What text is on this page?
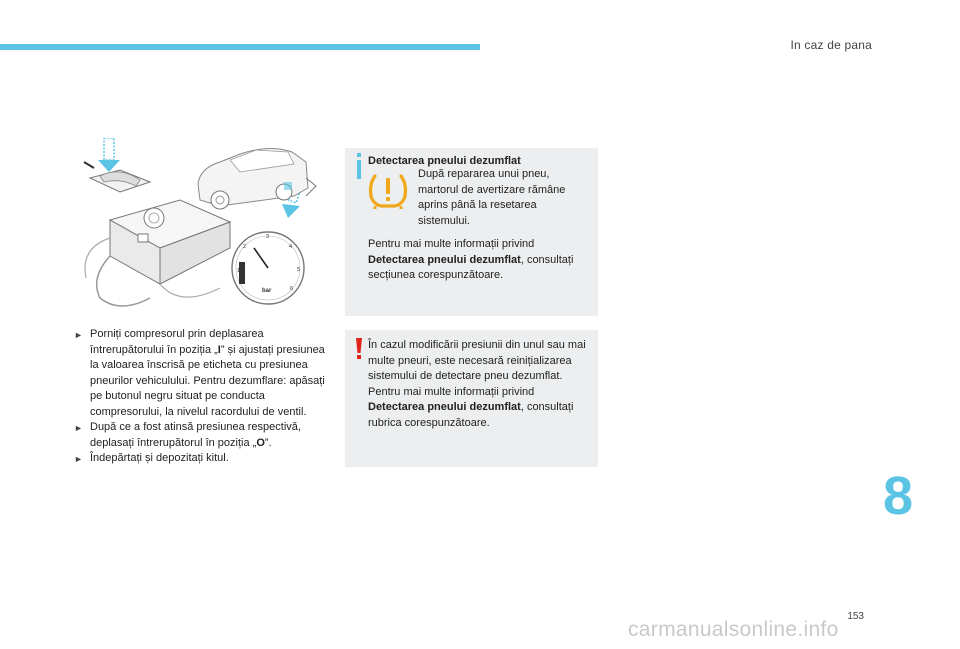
In caz de pana
1
2
3
4
5
6
bar
► Porniți compresorul prin deplasarea întrerupătorului în poziția „I” și ajustați presiunea la valoarea înscrisă pe eticheta cu presiunea pneurilor vehiculului. Pentru dezumflare: apăsați pe butonul negru situat pe conducta compresorului, la nivelul racordului de ventil.
► După ce a fost atinsă presiunea respectivă, deplasați întrerupătorul în poziția „O”.
► Îndepărtați și depozitați kitul.
Detectarea pneului dezumflat
După repararea unui pneu, martorul de avertizare rămâne aprins până la resetarea sistemului.
Pentru mai multe informații privind Detectarea pneului dezumflat, consultați secțiunea corespunzătoare.
În cazul modificării presiunii din unul sau mai multe pneuri, este necesară reinițializarea sistemului de detectare pneu dezumflat.
Pentru mai multe informații privind Detectarea pneului dezumflat, consultați rubrica corespunzătoare.
8
153
carmanualsonline.info
